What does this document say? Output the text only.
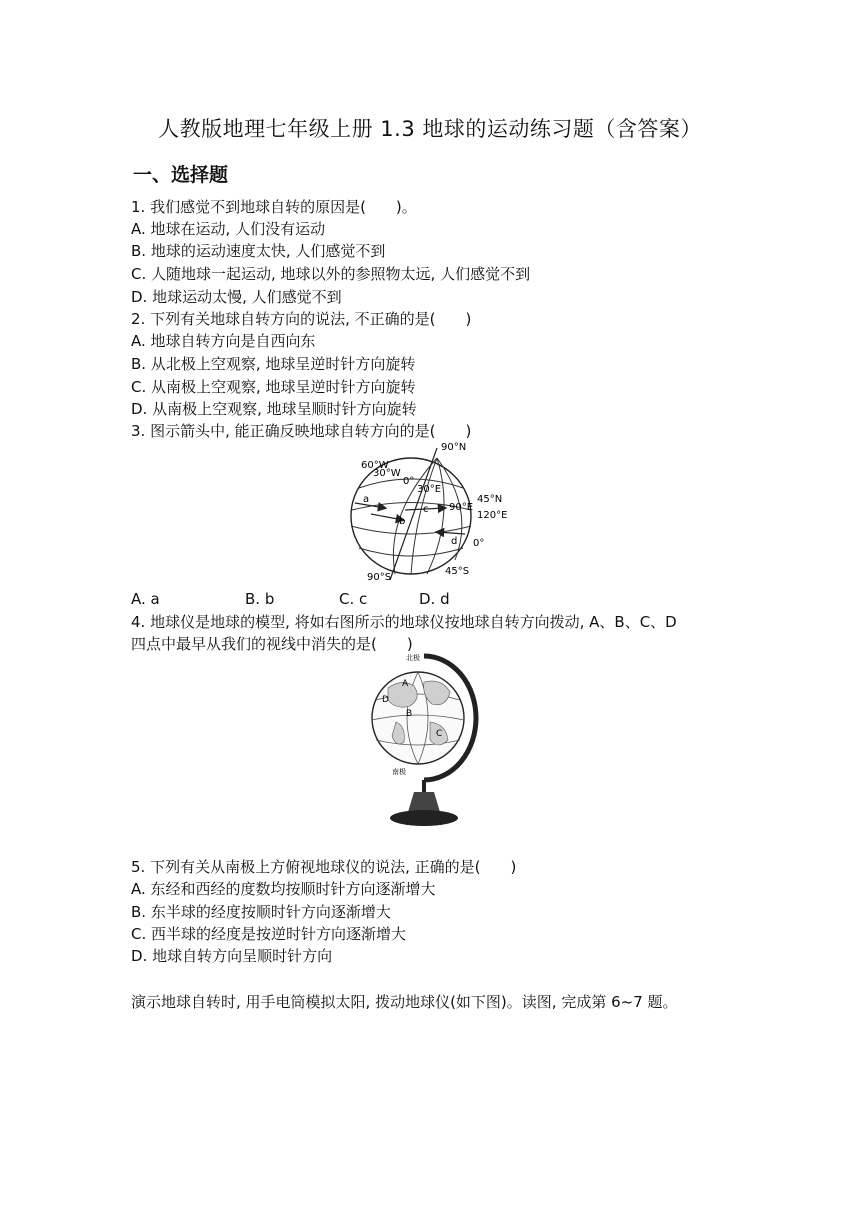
人教版地理七年级上册 1.3 地球的运动练习题（含答案）
一、选择题
1. 我们感觉不到地球自转的原因是(　　)。
A. 地球在运动, 人们没有运动
B. 地球的运动速度太快, 人们感觉不到
C. 人随地球一起运动, 地球以外的参照物太远, 人们感觉不到
D. 地球运动太慢, 人们感觉不到
2. 下列有关地球自转方向的说法, 不正确的是(　　)
A. 地球自转方向是自西向东
B. 从北极上空观察, 地球呈逆时针方向旋转
C. 从南极上空观察, 地球呈逆时针方向旋转
D. 从南极上空观察, 地球呈顺时针方向旋转
3. 图示箭头中, 能正确反映地球自转方向的是(　　)
90°N
60°W
30°W
0°
30°E
a
b
c
d
90°E
45°N
120°E
0°
45°S
90°S
A. a	B. b	C. c	D. d
4. 地球仪是地球的模型, 将如右图所示的地球仪按地球自转方向拨动, A、B、C、D
四点中最早从我们的视线中消失的是(　　)
北极
南极
A
B
C
D
5. 下列有关从南极上方俯视地球仪的说法, 正确的是(　　)
A. 东经和西经的度数均按顺时针方向逐渐增大
B. 东半球的经度按顺时针方向逐渐增大
C. 西半球的经度是按逆时针方向逐渐增大
D. 地球自转方向呈顺时针方向
演示地球自转时, 用手电筒模拟太阳, 拨动地球仪(如下图)。读图, 完成第 6~7 题。
